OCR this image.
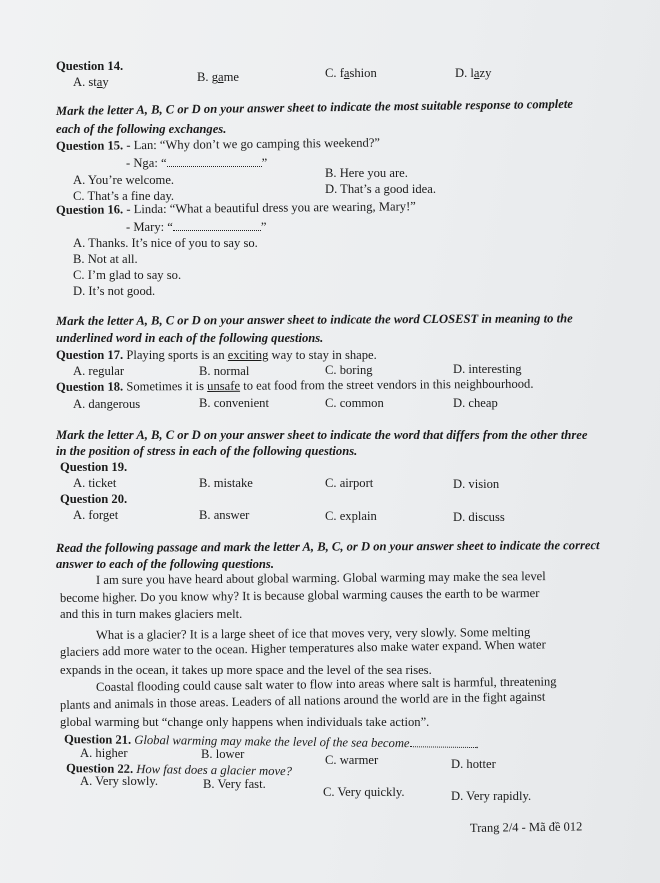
Question 14.
A. stay	B. game	C. fashion	D. lazy
Mark the letter A, B, C or D on your answer sheet to indicate the most suitable response to complete
each of the following exchanges.
Question 15. - Lan: “Why don’t we go camping this weekend?”
- Nga: “	”
A. You’re welcome.	B. Here you are.
C. That’s a fine day.	D. That’s a good idea.
Question 16. - Linda: “What a beautiful dress you are wearing, Mary!”
- Mary: “	”
A. Thanks. It’s nice of you to say so.
B. Not at all.
C. I’m glad to say so.
D. It’s not good.
Mark the letter A, B, C or D on your answer sheet to indicate the word CLOSEST in meaning to the
underlined word in each of the following questions.
Question 17. Playing sports is an exciting way to stay in shape.
A. regular	B. normal	C. boring	D. interesting
Question 18. Sometimes it is unsafe to eat food from the street vendors in this neighbourhood.
A. dangerous	B. convenient	C. common	D. cheap
Mark the letter A, B, C or D on your answer sheet to indicate the word that differs from the other three
in the position of stress in each of the following questions.
Question 19.
A. ticket	B. mistake	C. airport	D. vision
Question 20.
A. forget	B. answer	C. explain	D. discuss
Read the following passage and mark the letter A, B, C, or D on your answer sheet to indicate the correct
answer to each of the following questions.
I am sure you have heard about global warming. Global warming may make the sea level
become higher. Do you know why? It is because global warming causes the earth to be warmer
and this in turn makes glaciers melt.
What is a glacier? It is a large sheet of ice that moves very, very slowly. Some melting
glaciers add more water to the ocean. Higher temperatures also make water expand. When water
expands in the ocean, it takes up more space and the level of the sea rises.
Coastal flooding could cause salt water to flow into areas where salt is harmful, threatening
plants and animals in those areas. Leaders of all nations around the world are in the fight against
global warming but “change only happens when individuals take action”.
Question 21. Global warming may make the level of the sea become	.
A. higher	B. lower	C. warmer	D. hotter
Question 22. How fast does a glacier move?
A. Very slowly.	B. Very fast.
C. Very quickly.	D. Very rapidly.
Trang 2/4 - Mã đề 012
